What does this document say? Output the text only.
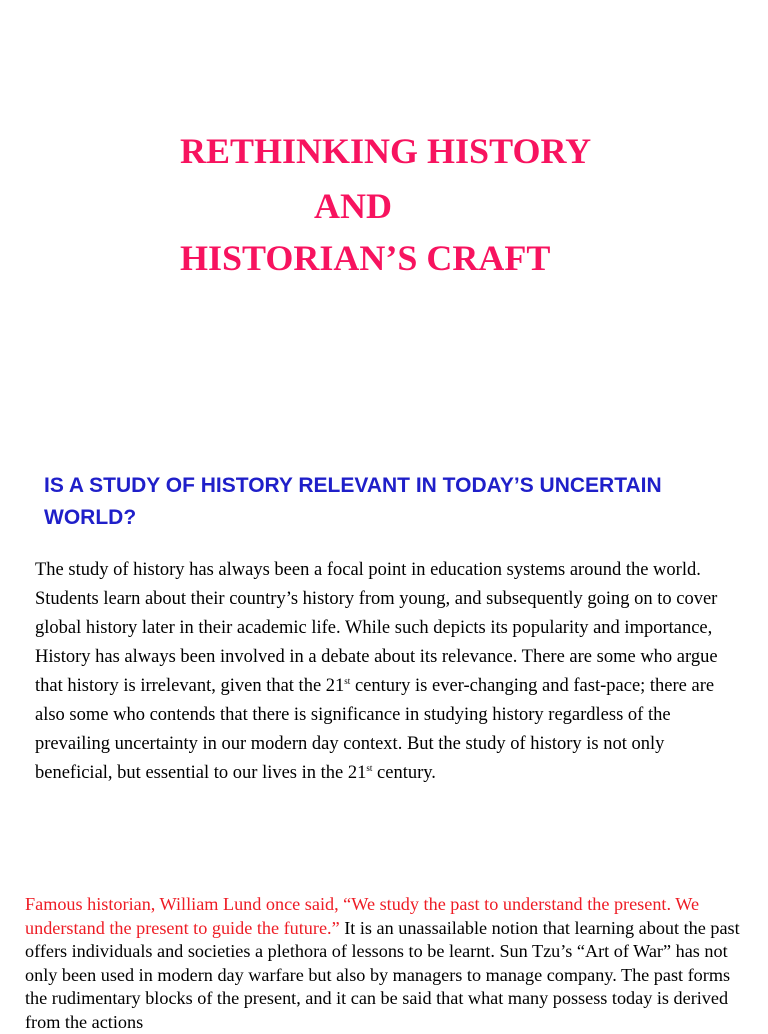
RETHINKING HISTORY
AND
HISTORIAN’S CRAFT
IS A STUDY OF HISTORY RELEVANT IN TODAY’S UNCERTAIN WORLD?

The study of history has always been a focal point in education systems around the world. Students learn about their country’s history from young, and subsequently going on to cover global history later in their academic life. While such depicts its popularity and importance, History has always been involved in a debate about its relevance. There are some who argue that history is irrelevant, given that the 21st century is ever-changing and fast-pace; there are also some who contends that there is significance in studying history regardless of the prevailing uncertainty in our modern day context. But the study of history is not only beneficial, but essential to our lives in the 21st century.

Famous historian, William Lund once said, “We study the past to understand the present. We understand the present to guide the future.” It is an unassailable notion that learning about the past offers individuals and societies a plethora of lessons to be learnt. Sun Tzu’s “Art of War” has not only been used in modern day warfare but also by managers to manage company. The past forms the rudimentary blocks of the present, and it can be said that what many possess today is derived from the actions
